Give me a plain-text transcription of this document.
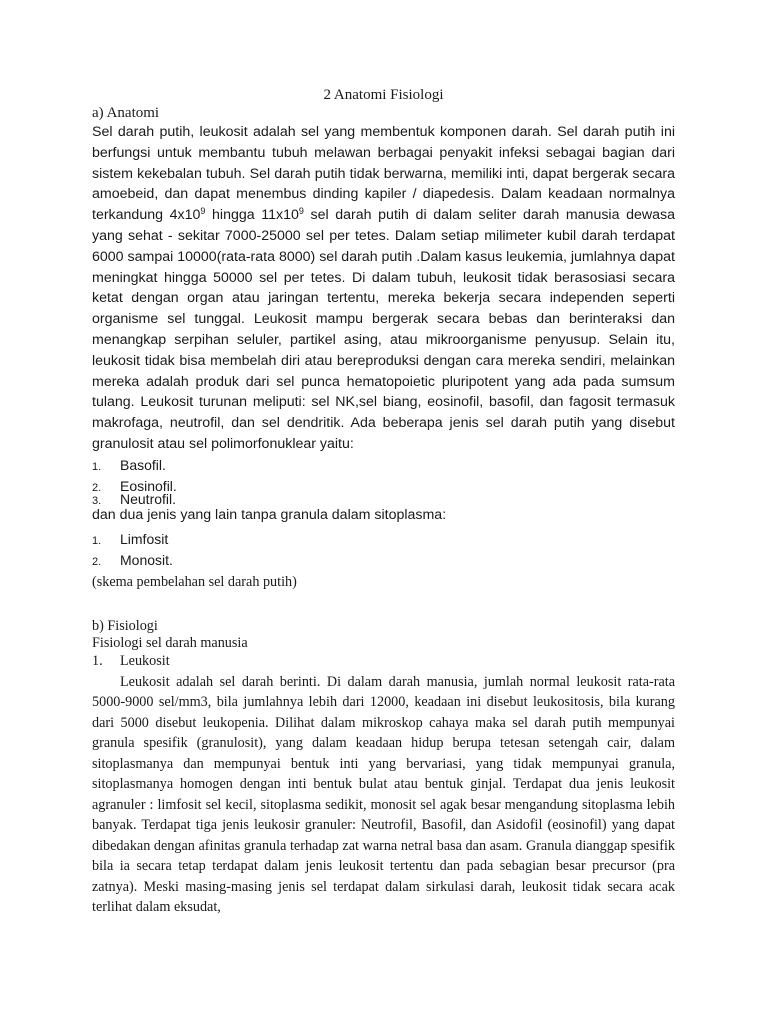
2 Anatomi Fisiologi

a) Anatomi

Sel darah putih, leukosit adalah sel yang membentuk komponen darah. Sel darah putih ini berfungsi untuk membantu tubuh melawan berbagai penyakit infeksi sebagai bagian dari sistem kekebalan tubuh. Sel darah putih tidak berwarna, memiliki inti, dapat bergerak secara amoebeid, dan dapat menembus dinding kapiler / diapedesis. Dalam keadaan normalnya terkandung $4x10^9$ hingga $11x10^9$ sel darah putih di dalam seliter darah manusia dewasa yang sehat - sekitar 7000-25000 sel per tetes. Dalam setiap milimeter kubil darah terdapat 6000 sampai 10000(rata-rata 8000) sel darah putih .Dalam kasus leukemia, jumlahnya dapat meningkat hingga 50000 sel per tetes. Di dalam tubuh, leukosit tidak berasosiasi secara ketat dengan organ atau jaringan tertentu, mereka bekerja secara independen seperti organisme sel tunggal. Leukosit mampu bergerak secara bebas dan berinteraksi dan menangkap serpihan seluler, partikel asing, atau mikroorganisme penyusup. Selain itu, leukosit tidak bisa membelah diri atau bereproduksi dengan cara mereka sendiri, melainkan mereka adalah produk dari sel punca hematopoietic pluripotent yang ada pada sumsum tulang. Leukosit turunan meliputi: sel NK,sel biang, eosinofil, basofil, dan fagosit termasuk makrofaga, neutrofil, dan sel dendritik. Ada beberapa jenis sel darah putih yang disebut granulosit atau sel polimorfonuklear yaitu:

1.	Basofil.
2.	Eosinofil.
3.	Neutrofil.

dan dua jenis yang lain tanpa granula dalam sitoplasma:

1.	Limfosit
2.	Monosit.

(skema pembelahan sel darah putih)

b) Fisiologi

Fisiologi sel darah manusia

1. Leukosit

Leukosit adalah sel darah berinti. Di dalam darah manusia, jumlah normal leukosit rata-rata 5000-9000 sel/mm3, bila jumlahnya lebih dari 12000, keadaan ini disebut leukositosis, bila kurang dari 5000 disebut leukopenia. Dilihat dalam mikroskop cahaya maka sel darah putih mempunyai granula spesifik (granulosit), yang dalam keadaan hidup berupa tetesan setengah cair, dalam sitoplasmanya dan mempunyai bentuk inti yang bervariasi, yang tidak mempunyai granula, sitoplasmanya homogen dengan inti bentuk bulat atau bentuk ginjal. Terdapat dua jenis leukosit agranuler : limfosit sel kecil, sitoplasma sedikit, monosit sel agak besar mengandung sitoplasma lebih banyak. Terdapat tiga jenis leukosir granuler: Neutrofil, Basofil, dan Asidofil (eosinofil) yang dapat dibedakan dengan afinitas granula terhadap zat warna netral basa dan asam. Granula dianggap spesifik bila ia secara tetap terdapat dalam jenis leukosit tertentu dan pada sebagian besar precursor (pra zatnya). Meski masing-masing jenis sel terdapat dalam sirkulasi darah, leukosit tidak secara acak terlihat dalam eksudat,
